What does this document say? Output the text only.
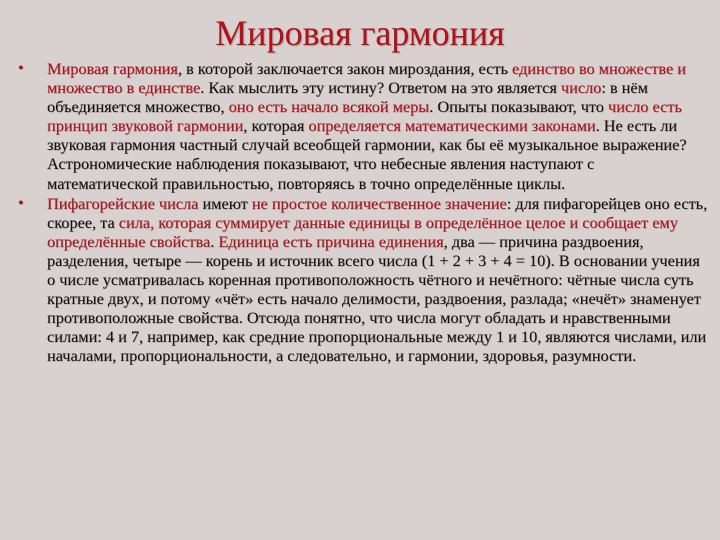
Мировая гармония
• Мировая гармония, в которой заключается закон мироздания, есть единство во множестве и множество в единстве. Как мыслить эту истину? Ответом на это является число: в нём объединяется множество, оно есть начало всякой меры. Опыты показывают, что число есть принцип звуковой гармонии, которая определяется математическими законами. Не есть ли звуковая гармония частный случай всеобщей гармонии, как бы её музыкальное выражение? Астрономические наблюдения показывают, что небесные явления наступают с математической правильностью, повторяясь в точно определённые циклы.
• Пифагорейские числа имеют не простое количественное значение: для пифагорейцев оно есть, скорее, та сила, которая суммирует данные единицы в определённое целое и сообщает ему определённые свойства. Единица есть причина единения, два — причина раздвоения, разделения, четыре — корень и источник всего числа (1 + 2 + 3 + 4 = 10). В основании учения о числе усматривалась коренная противоположность чётного и нечётного: чётные числа суть кратные двух, и потому «чёт» есть начало делимости, раздвоения, разлада; «нечёт» знаменует противоположные свойства. Отсюда понятно, что числа могут обладать и нравственными силами: 4 и 7, например, как средние пропорциональные между 1 и 10, являются числами, или началами, пропорциональности, а следовательно, и гармонии, здоровья, разумности.
